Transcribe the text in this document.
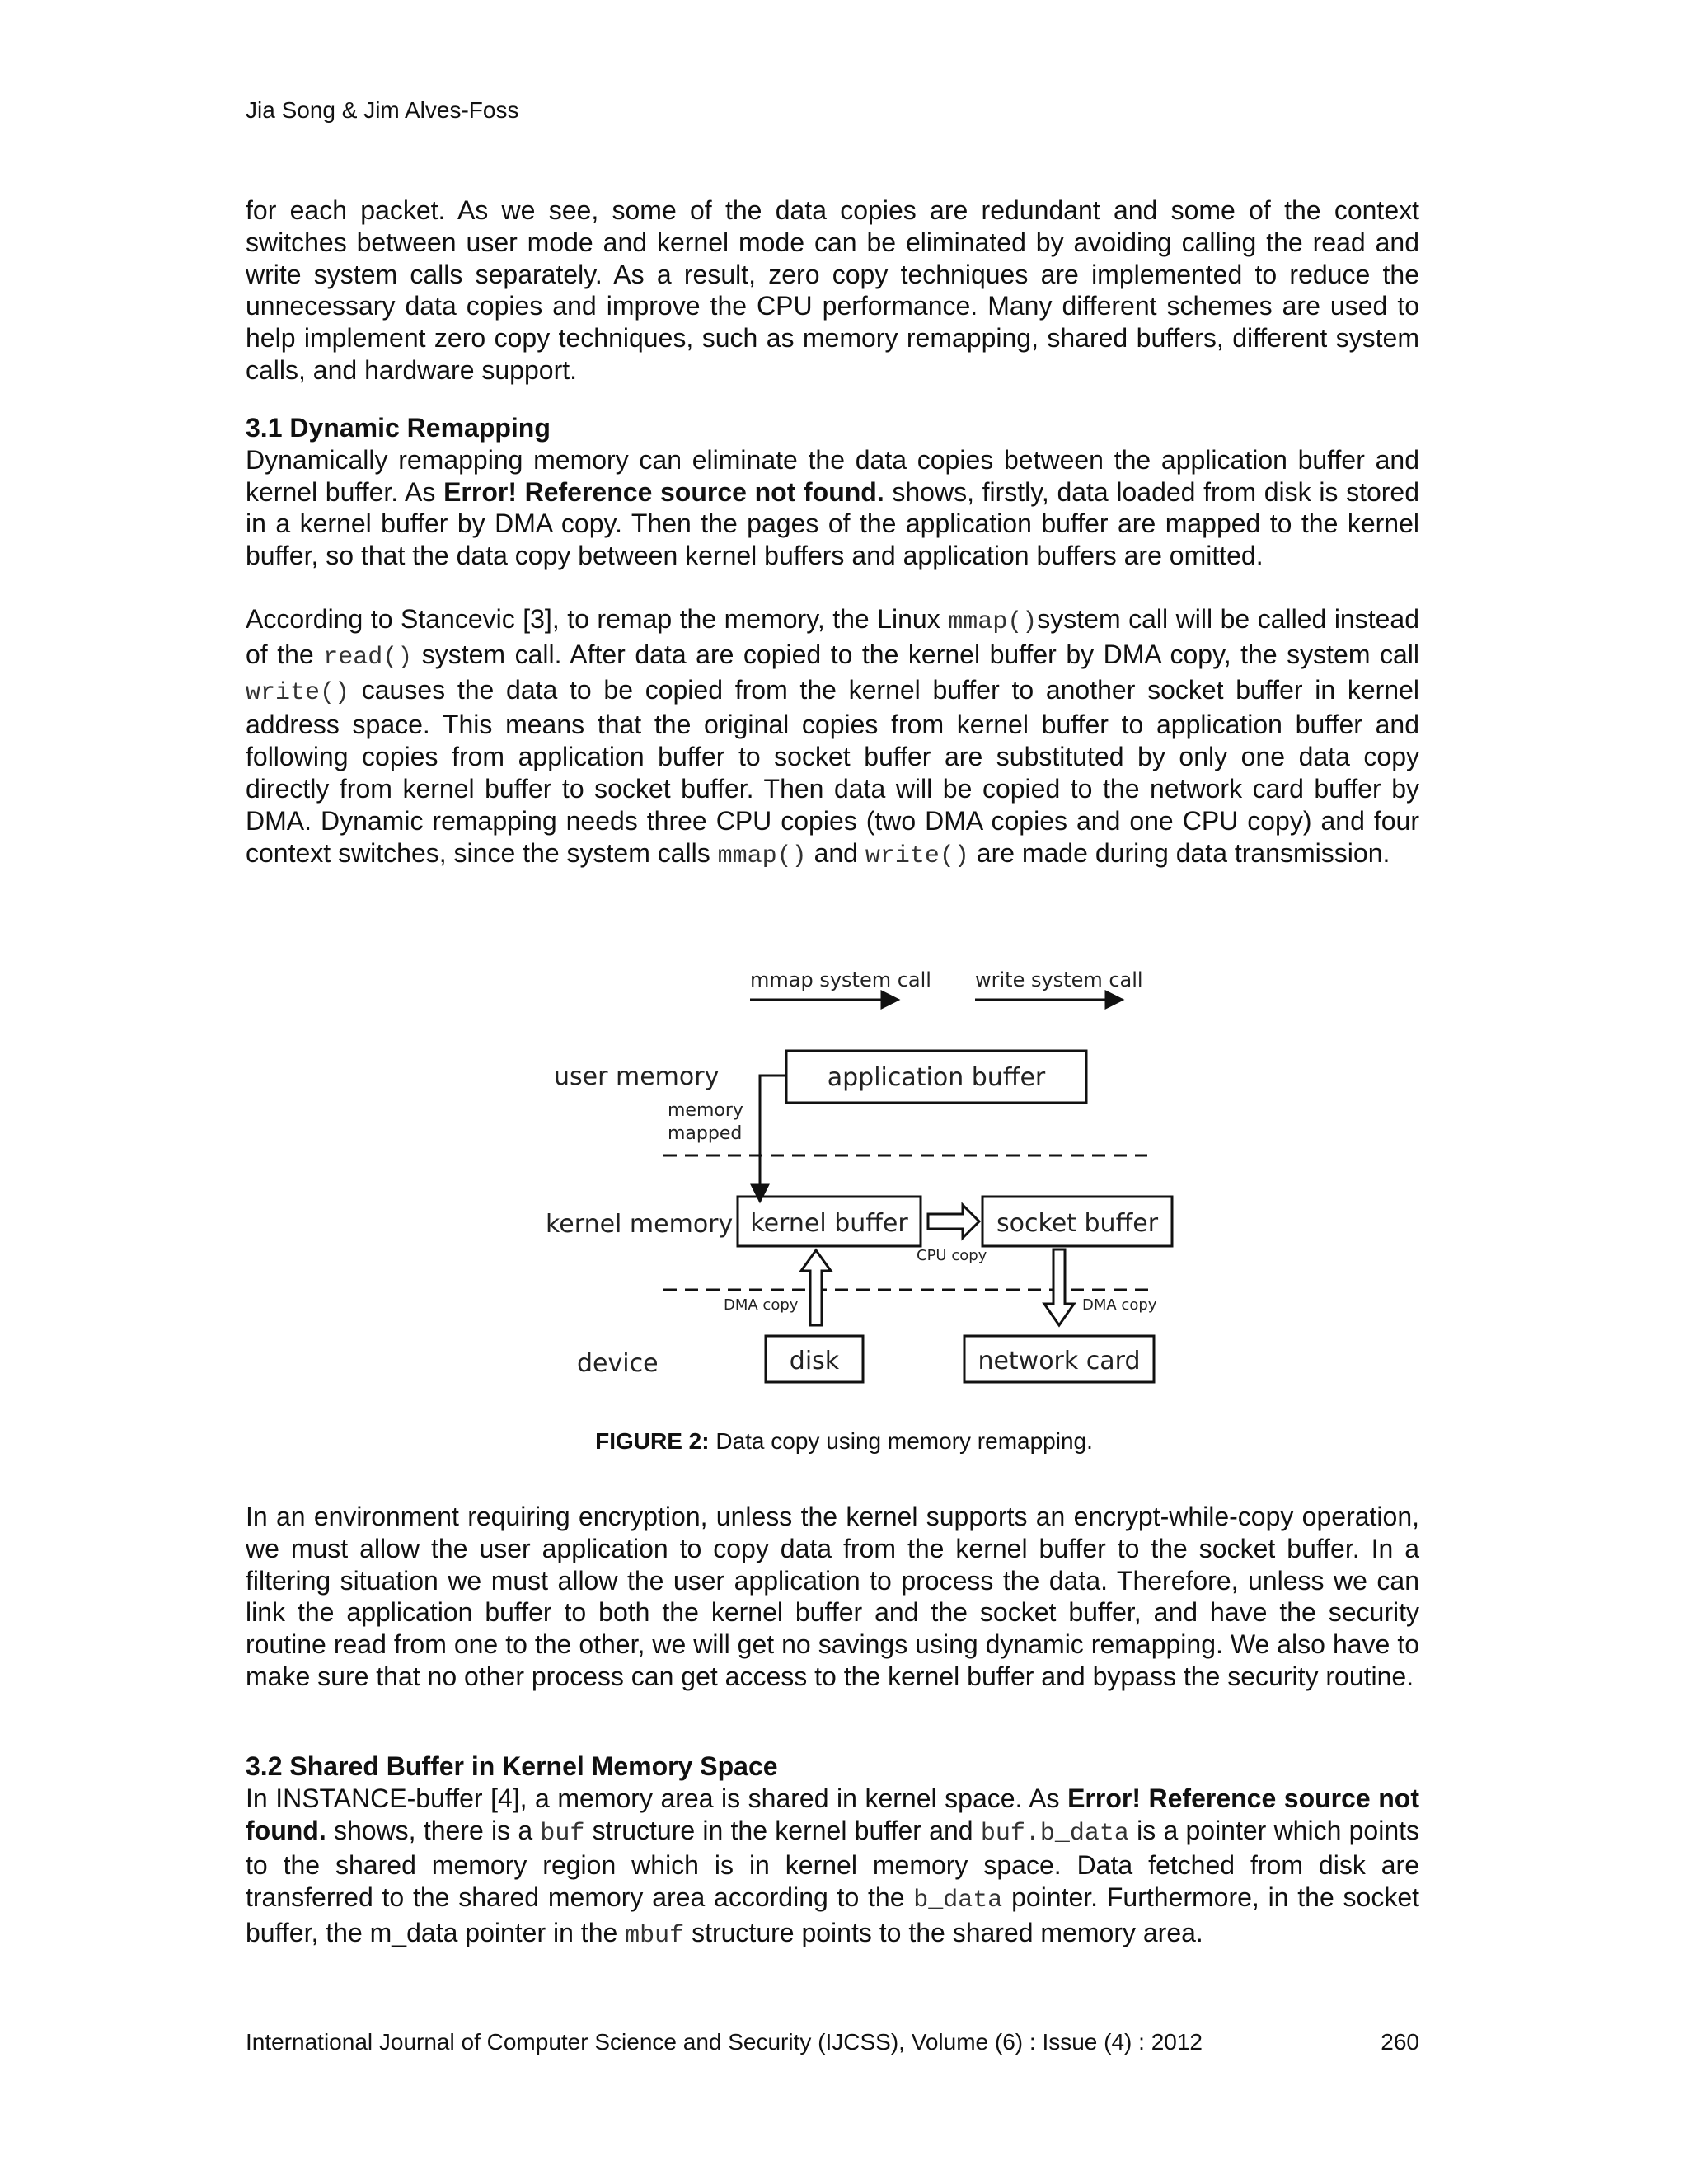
Jia Song & Jim Alves-Foss

for each packet. As we see, some of the data copies are redundant and some of the context switches between user mode and kernel mode can be eliminated by avoiding calling the read and write system calls separately. As a result, zero copy techniques are implemented to reduce the unnecessary data copies and improve the CPU performance. Many different schemes are used to help implement zero copy techniques, such as memory remapping, shared buffers, different system calls, and hardware support.

3.1 Dynamic Remapping

Dynamically remapping memory can eliminate the data copies between the application buffer and kernel buffer. As Error! Reference source not found. shows, firstly, data loaded from disk is stored in a kernel buffer by DMA copy. Then the pages of the application buffer are mapped to the kernel buffer, so that the data copy between kernel buffers and application buffers are omitted.

According to Stancevic [3], to remap the memory, the Linux mmap()system call will be called instead of the read() system call. After data are copied to the kernel buffer by DMA copy, the system call write() causes the data to be copied from the kernel buffer to another socket buffer in kernel address space. This means that the original copies from kernel buffer to application buffer and following copies from application buffer to socket buffer are substituted by only one data copy directly from kernel buffer to socket buffer. Then data will be copied to the network card buffer by DMA. Dynamic remapping needs three CPU copies (two DMA copies and one CPU copy) and four context switches, since the system calls mmap() and write() are made during data transmission.

mmap system call write system call
user memory
kernel memory
device
application buffer
memory
mapped
kernel buffer	socket buffer
CPU copy
DMA copy	DMA copy
disk	network card
FIGURE 2: Data copy using memory remapping.

In an environment requiring encryption, unless the kernel supports an encrypt-while-copy operation, we must allow the user application to copy data from the kernel buffer to the socket buffer. In a filtering situation we must allow the user application to process the data. Therefore, unless we can link the application buffer to both the kernel buffer and the socket buffer, and have the security routine read from one to the other, we will get no savings using dynamic remapping. We also have to make sure that no other process can get access to the kernel buffer and bypass the security routine.

3.2 Shared Buffer in Kernel Memory Space

In INSTANCE-buffer [4], a memory area is shared in kernel space. As Error! Reference source not found. shows, there is a buf structure in the kernel buffer and buf.b_data is a pointer which points to the shared memory region which is in kernel memory space. Data fetched from disk are transferred to the shared memory area according to the b_data pointer. Furthermore, in the socket buffer, the m_data pointer in the mbuf structure points to the shared memory area.

International Journal of Computer Science and Security (IJCSS), Volume (6) : Issue (4) : 2012	260
